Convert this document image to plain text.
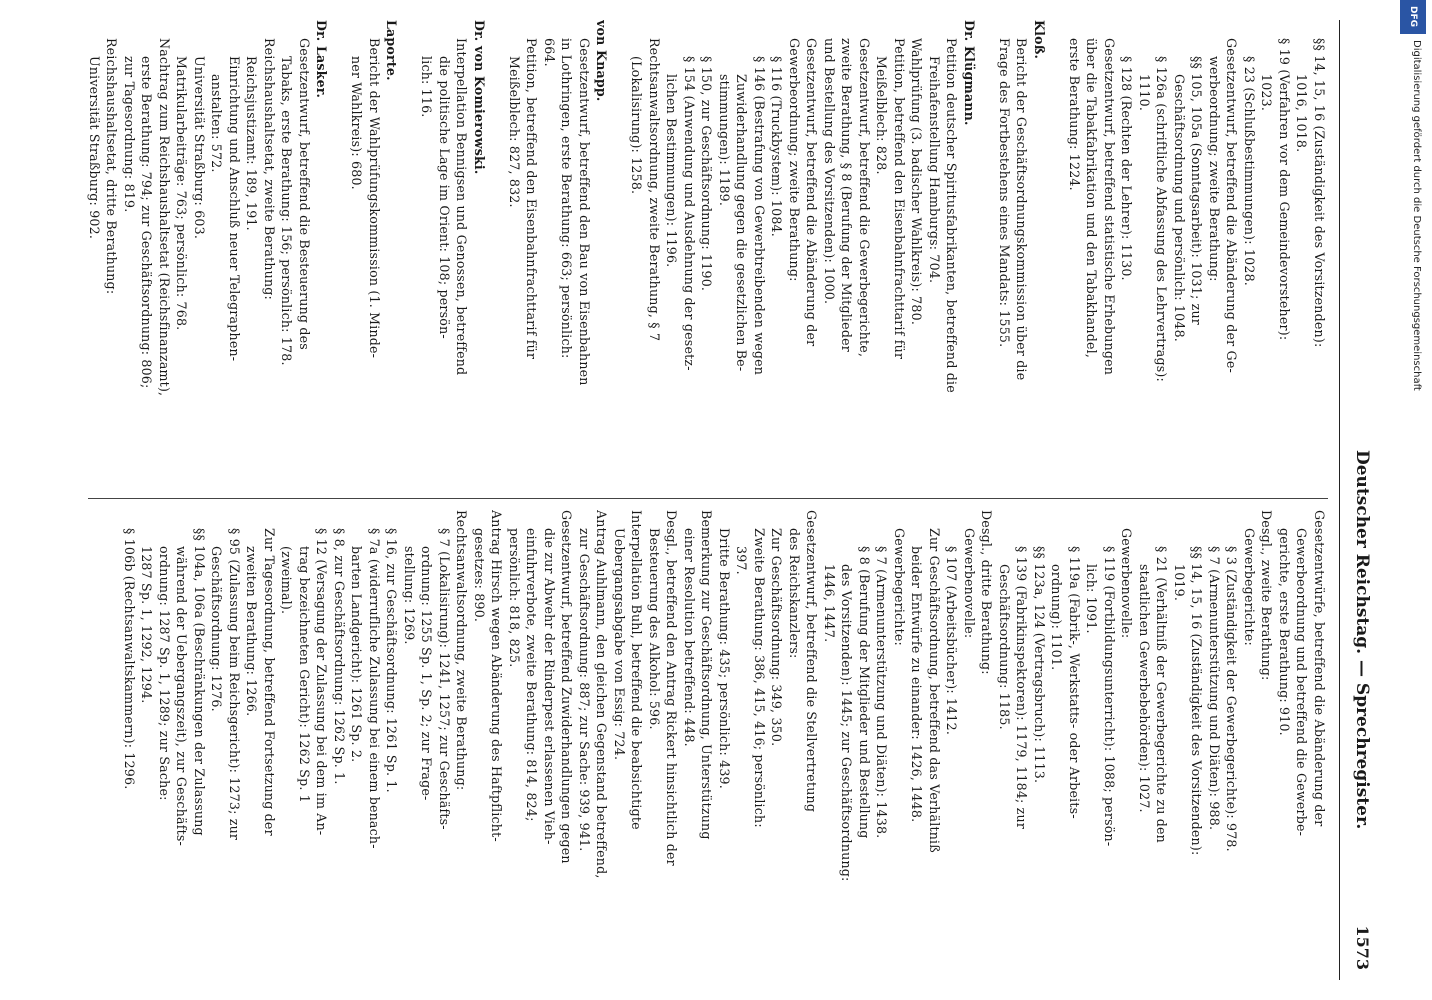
Deutscher Reichstag. — Sprechregister.
1573
§§ 14, 15, 16 (Zuständigkeit des Vorsitzenden):
1016, 1018.
§ 19 (Verfahren vor dem Gemeindevorsteher):
1023.
§ 23 (Schlußbestimmungen): 1028.
Gesetzentwurf, betreffend die Abänderung der Ge-
werbeordnung; zweite Berathung:
§§ 105, 105a (Sonntagsarbeit): 1031; zur
Geschäftsordnung und persönlich: 1048.
§ 126a (schriftliche Abfassung des Lehrvertrags):
1110.
§ 128 (Rechten der Lehrer): 1130.
Gesetzentwurf, betreffend statistische Erhebungen
über die Tabakfabrikation und den Tabakhandel,
erste Berathung: 1224.

Kloß.
Bericht der Geschäftsordnungskommission über die
Frage des Fortbestehens eines Mandats: 1555.

Dr. Klügmann.
Petition deutscher Spiritusfabrikanten, betreffend die
Freihafenstellung Hamburgs: 704.
Wahlprüfung (3. badischer Wahlkreis): 780.
Petition, betreffend den Eisenbahnfrachttarif für
Meißelblech: 828.
Gesetzentwurf, betreffend die Gewerbegerichte,
zweite Berathung, § 8 (Berufung der Mitglieder
und Bestellung des Vorsitzenden): 1000.
Gesetzentwurf, betreffend die Abänderung der
Gewerbeordnung; zweite Berathung:
§ 116 (Truckbystem): 1084.
§ 146 (Bestrafung von Gewerbtreibenden wegen
Zuwiderhandlung gegen die gesetzlichen Be-
stimmungen): 1189.
§ 150, zur Geschäftsordnung: 1190.
§ 154 (Anwendung und Ausdehnung der gesetz-
lichen Bestimmungen): 1196.
Rechtsanwaltsordnung, zweite Berathung, § 7
(Lokalisirung): 1258.

von Knapp.
Gesetzentwurf, betreffend den Bau von Eisenbahnen
in Lothringen, erste Berathung: 663; persönlich:
664.
Petition, betreffend den Eisenbahnfrachttarif für
Meißelblech: 827, 832.

Dr. von Komierowski.
Interpellation Bennigsen und Genossen, betreffend
die politische Lage im Orient: 108; persön-
lich: 116.

Laporte.
Bericht der Wahlprüfungskommission (1. Minde-
ner Wahlkreis): 680.

Dr. Lasker.
Gesetzentwurf, betreffend die Besteuerung des
Tabaks, erste Berathung: 156; persönlich: 178.
Reichshaushaltsetat, zweite Berathung:
Reichsjustizamt: 189, 191.
Einrichtung und Anschluß neuer Telegraphen-
anstalten: 572.
Universität Straßburg: 603.
Matrikularbeiträge: 763; persönlich: 768.
Nachtrag zum Reichshaushaltsetat (Reichsfinanzamt),
erste Berathung: 794; zur Geschäftsordnung: 806;
zur Tagesordnung: 819.
Reichshaushaltsetat, dritte Berathung:
Universität Straßburg: 902.
Gesetzentwürfe, betreffend die Abänderung der
Gewerbeordnung und betreffend die Gewerbe-
gerichte, erste Berathung: 910.
Desgl., zweite Berathung:
Gewerbegerichte:
§ 3 (Zuständigkeit der Gewerbegerichte): 978.
§ 7 (Armenunterstützung und Diäten): 988.
§§ 14, 15, 16 (Zuständigkeit des Vorsitzenden):
1019.
§ 21 (Verhältniß der Gewerbegerichte zu den
staatlichen Gewerbebehörden): 1027.
Gewerbenovelle:
§ 119 (Fortbildungsunterricht): 1088; persön-
lich: 1091.
§ 119a (Fabrik-, Werkstatts- oder Arbeits-
ordnung): 1101.
§§ 123a, 124 (Vertragsbruch): 1113.
§ 139 (Fabrikinspektoren): 1179, 1184; zur
Geschäftsordnung: 1185.
Desgl., dritte Berathung:
Gewerbenovelle:
§ 107 (Arbeitsbücher): 1412.
Zur Geschäftsordnung, betreffend das Verhältniß
beider Entwürfe zu einander: 1426, 1448.
Gewerbegerichte:
§ 7 (Armenunterstützung und Diäten): 1438.
§ 8 (Berufung der Mitglieder und Bestellung
des Vorsitzenden): 1445; zur Geschäftsordnung:
1446, 1447.
Gesetzentwurf, betreffend die Stellvertretung
des Reichskanzlers:
Zur Geschäftsordnung: 349, 350.
Zweite Berathung: 386, 415, 416; persönlich:
397.
Dritte Berathung: 435; persönlich: 439.
Bemerkung zur Geschäftsordnung, Unterstützung
einer Resolution betreffend: 448.
Desgl., betreffend den Antrag Rickert hinsichtlich der
Besteuerung des Alkohol: 596.
Interpellation Buhl, betreffend die beabsichtigte
Uebergangsabgabe von Essig: 724.
Antrag Auhlmann, den gleichen Gegenstand betreffend,
zur Geschäftsordnung: 887; zur Sache: 939, 941.
Gesetzentwurf, betreffend Zuwiderhandlungen gegen
die zur Abwehr der Rinderpest erlassenen Vieh-
einfuhrverbote, zweite Berathung: 814, 824;
persönlich: 818, 825.
Antrag Hirsch wegen Abänderung des Haftpflicht-
gesetzes: 890.
Rechtsanwaltsordnung, zweite Berathung:
§ 7 (Lokalisirung): 1241, 1257; zur Geschäfts-
ordnung: 1255 Sp. 1, Sp. 2; zur Frage-
stellung: 1269.
§ 16, zur Geschäftsordnung: 1261 Sp. 1.
§ 7a (widerrufliche Zulassung bei einem benach-
barten Landgericht): 1261 Sp. 2.
§ 8, zur Geschäftsordnung: 1262 Sp. 1.
§ 12 (Versagung der Zulassung bei dem im An-
trag bezeichneten Gericht): 1262 Sp. 1
(zweimal).
Zur Tagesordnung, betreffend Fortsetzung der
zweiten Berathung: 1266.
§ 95 (Zulassung beim Reichsgericht): 1273; zur
Geschäftsordnung: 1276.
§§ 104a, 106a (Beschränkungen der Zulassung
während der Uebergangszeit), zur Geschäfts-
ordnung: 1287 Sp. 1, 1289; zur Sache:
1287 Sp. 1, 1292, 1294.
§ 106b (Rechtsanwaltskammern): 1296.
DFG
Digitalisierung gefördert durch die Deutsche Forschungsgemeinschaft
